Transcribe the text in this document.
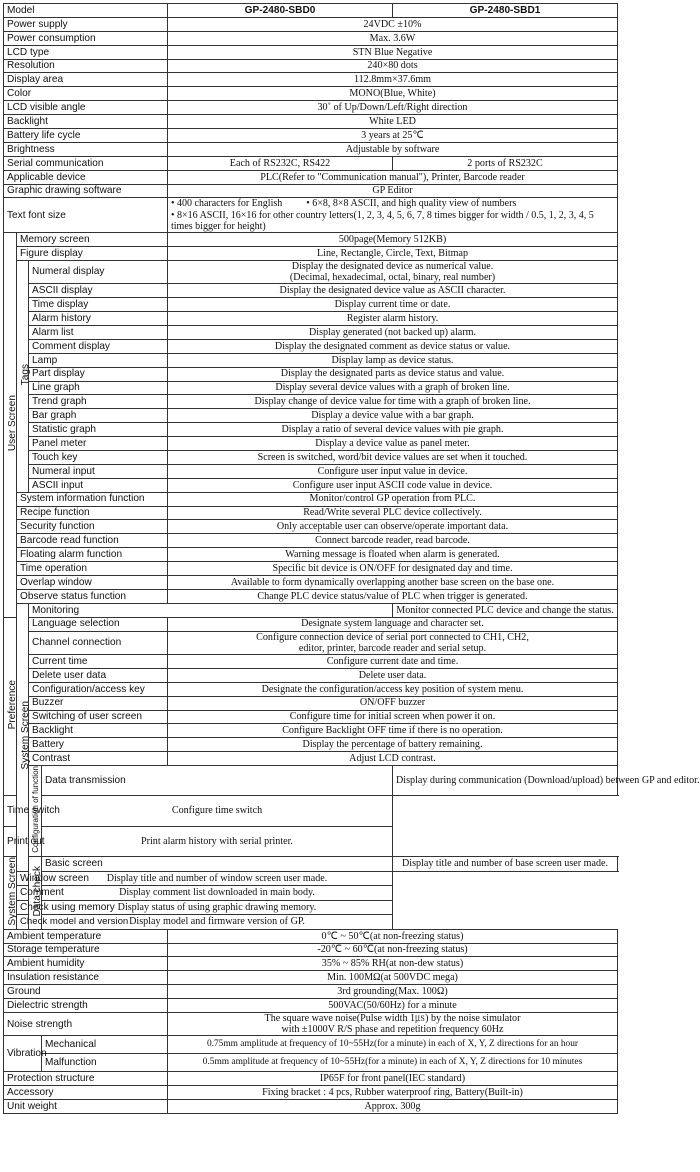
Model				GP-2480-SBD0	GP-2480-SBD1
Power supply				24VDC ±10%	
Power consumption				Max. 3.6W	
LCD type				STN Blue Negative	
Resolution				240×80 dots	
Display area				112.8mm×37.6mm	
Color				MONO(Blue, White)	
LCD visible angle				30˚ of Up/Down/Left/Right direction	
Backlight				White LED	
Battery life cycle				3 years at 25℃	
Brightness				Adjustable by software	
Serial communication				Each of RS232C, RS422	2 ports of RS232C
Applicable device				PLC(Refer to "Communication manual"), Printer, Barcode reader	
Graphic drawing software				GP Editor	
Text font size				• 400 characters for English • 6×8, 8×8 ASCII, and high quality view of numbers
• 8×16 ASCII, 16×16 for other country letters(1, 2, 3, 4, 5, 6, 7, 8 times bigger for width / 0.5, 1, 2, 3, 4, 5 times bigger for height)	

User Screen	Memory screen			500page(Memory 512KB)	
	Figure display			Line, Rectangle, Circle, Text, Bitmap	
	Tags	Numeral display		Display the designated device as numerical value.
(Decimal, hexadecimal, octal, binary, real number)	

		ASCII display		Display the designated device value as ASCII character.	
		Time display		Display current time or date.	
		Alarm history		Register alarm history.	
		Alarm list		Display generated (not backed up) alarm.	
		Comment display		Display the designated comment as device status or value.	
		Lamp		Display lamp as device status.	
		Part display		Display the designated parts as device status and value.	
		Line graph		Display several device values with a graph of broken line.	
		Trend graph		Display change of device value for time with a graph of broken line.	
		Bar graph		Display a device value with a bar graph.	
		Statistic graph		Display a ratio of several device values with pie graph.	
		Panel meter		Display a device value as panel meter.	
		Touch key		Screen is switched, word/bit device values are set when it touched.	
		Numeral input		Configure user input value in device.	
		ASCII input		Configure user input ASCII code value in device.	
	System information function			Monitor/control GP operation from PLC.	
	Recipe function			Read/Write several PLC device collectively.	
	Security function			Only acceptable user can observe/operate important data.	
	Barcode read function			Connect barcode reader, read barcode.	
	Floating alarm function			Warning message is floated when alarm is generated.	
	Time operation			Specific bit device is ON/OFF for designated day and time.	
	Overlap window			Available to form dynamically overlapping another base screen on the base one.	
	Observe status function			Change PLC device status/value of PLC when trigger is generated.	
	System Screen	Monitoring			Monitor connected PLC device and change the status.
Preference		Language selection		Designate system language and character set.	
		Channel connection		Configure connection device of serial port connected to CH1, CH2,
editor, printer, barcode reader and serial setup.	

		Current time		Configure current date and time.	
		Delete user data		Delete user data.	
		Configuration/access key		Designate the configuration/access key position of system menu.	
		Buzzer		ON/OFF buzzer	
		Switching of user screen		Configure time for initial screen when power it on.	
		Backlight		Configure Backlight OFF time if there is no operation.	
		Battery		Display the percentage of battery remaining.	
		Contrast		Adjust LCD contrast.	
		Configuration of function	Data transmission		Display during communication (Download/upload) between GP and editor.
Time switch			Configure time switch		
Print out			Print alarm history with serial printer.		
System Screen		Data check	Basic screen		Display title and number of base screen user made.
	Window screen		Display title and number of window screen user made.		
	Comment		Display comment list downloaded in main body.		
	Check using memory		Display status of using graphic drawing memory.		
	Check model and version		Display model and firmware version of GP.		
Ambient temperature				0℃ ~ 50℃(at non-freezing status)	
Storage temperature				-20℃ ~ 60℃(at non-freezing status)	
Ambient humidity				35% ~ 85% RH(at non-dew status)	
Insulation resistance				Min. 100MΩ(at 500VDC mega)	
Ground				3rd grounding(Max. 100Ω)	
Dielectric strength				500VAC(50/60Hz) for a minute	
Noise strength				The square wave noise(Pulse width 1㎲) by the noise simulator
with ±1000V R/S phase and repetition frequency 60Hz	

Vibration			Mechanical	0.75mm amplitude at frequency of 10~55Hz(for a minute) in each of X, Y, Z directions for an hour	
			Malfunction	0.5mm amplitude at frequency of 10~55Hz(for a minute) in each of X, Y, Z directions for 10 minutes	
Protection structure				IP65F for front panel(IEC standard)	
Accessory				Fixing bracket : 4 pcs, Rubber waterproof ring, Battery(Built-in)	
Unit weight				Approx. 300g	
